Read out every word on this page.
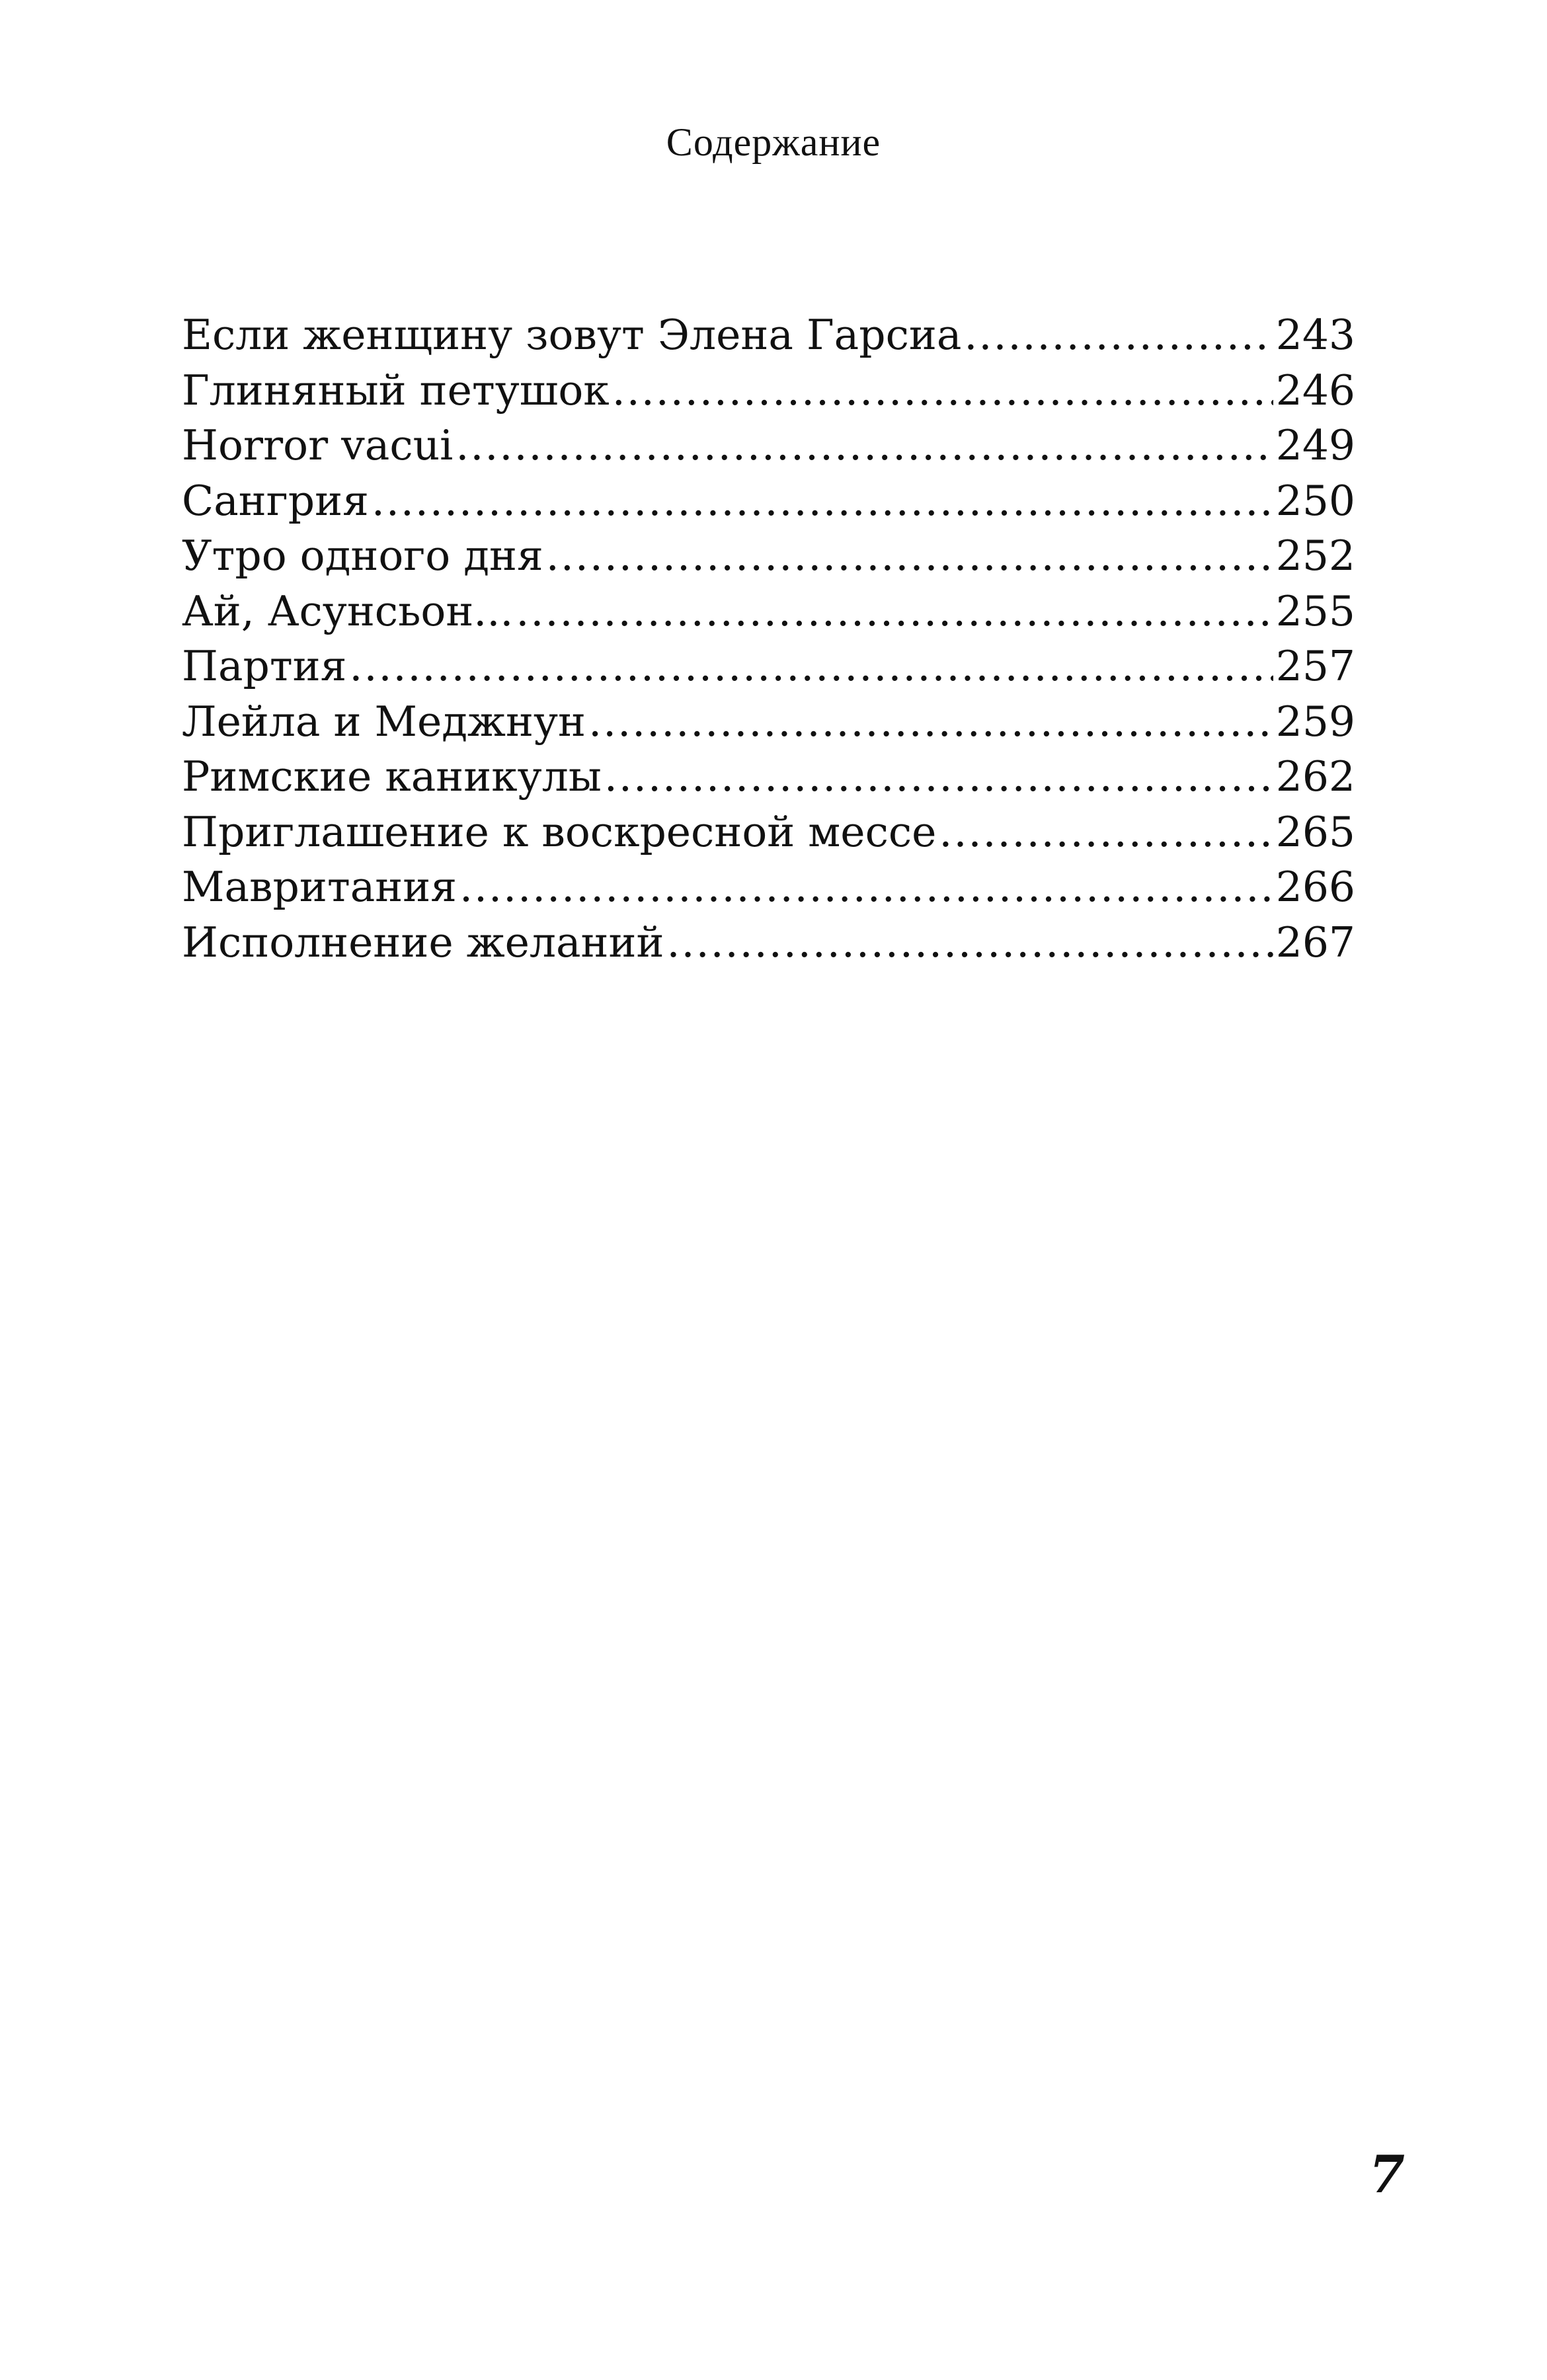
Содержание
Если женщину зовут Элена Гарсиа .....	243
Глиняный петушок .....	246
Horror vacui .....	249
Сангрия .....	250
Утро одного дня .....	252
Ай, Асунсьон... .....	255
Партия .....	257
Лейла и Меджнун .....	259
Римские каникулы .....	262
Приглашение к воскресной мессе .....	265
Мавритания .....	266
Исполнение желаний .....	267
7
